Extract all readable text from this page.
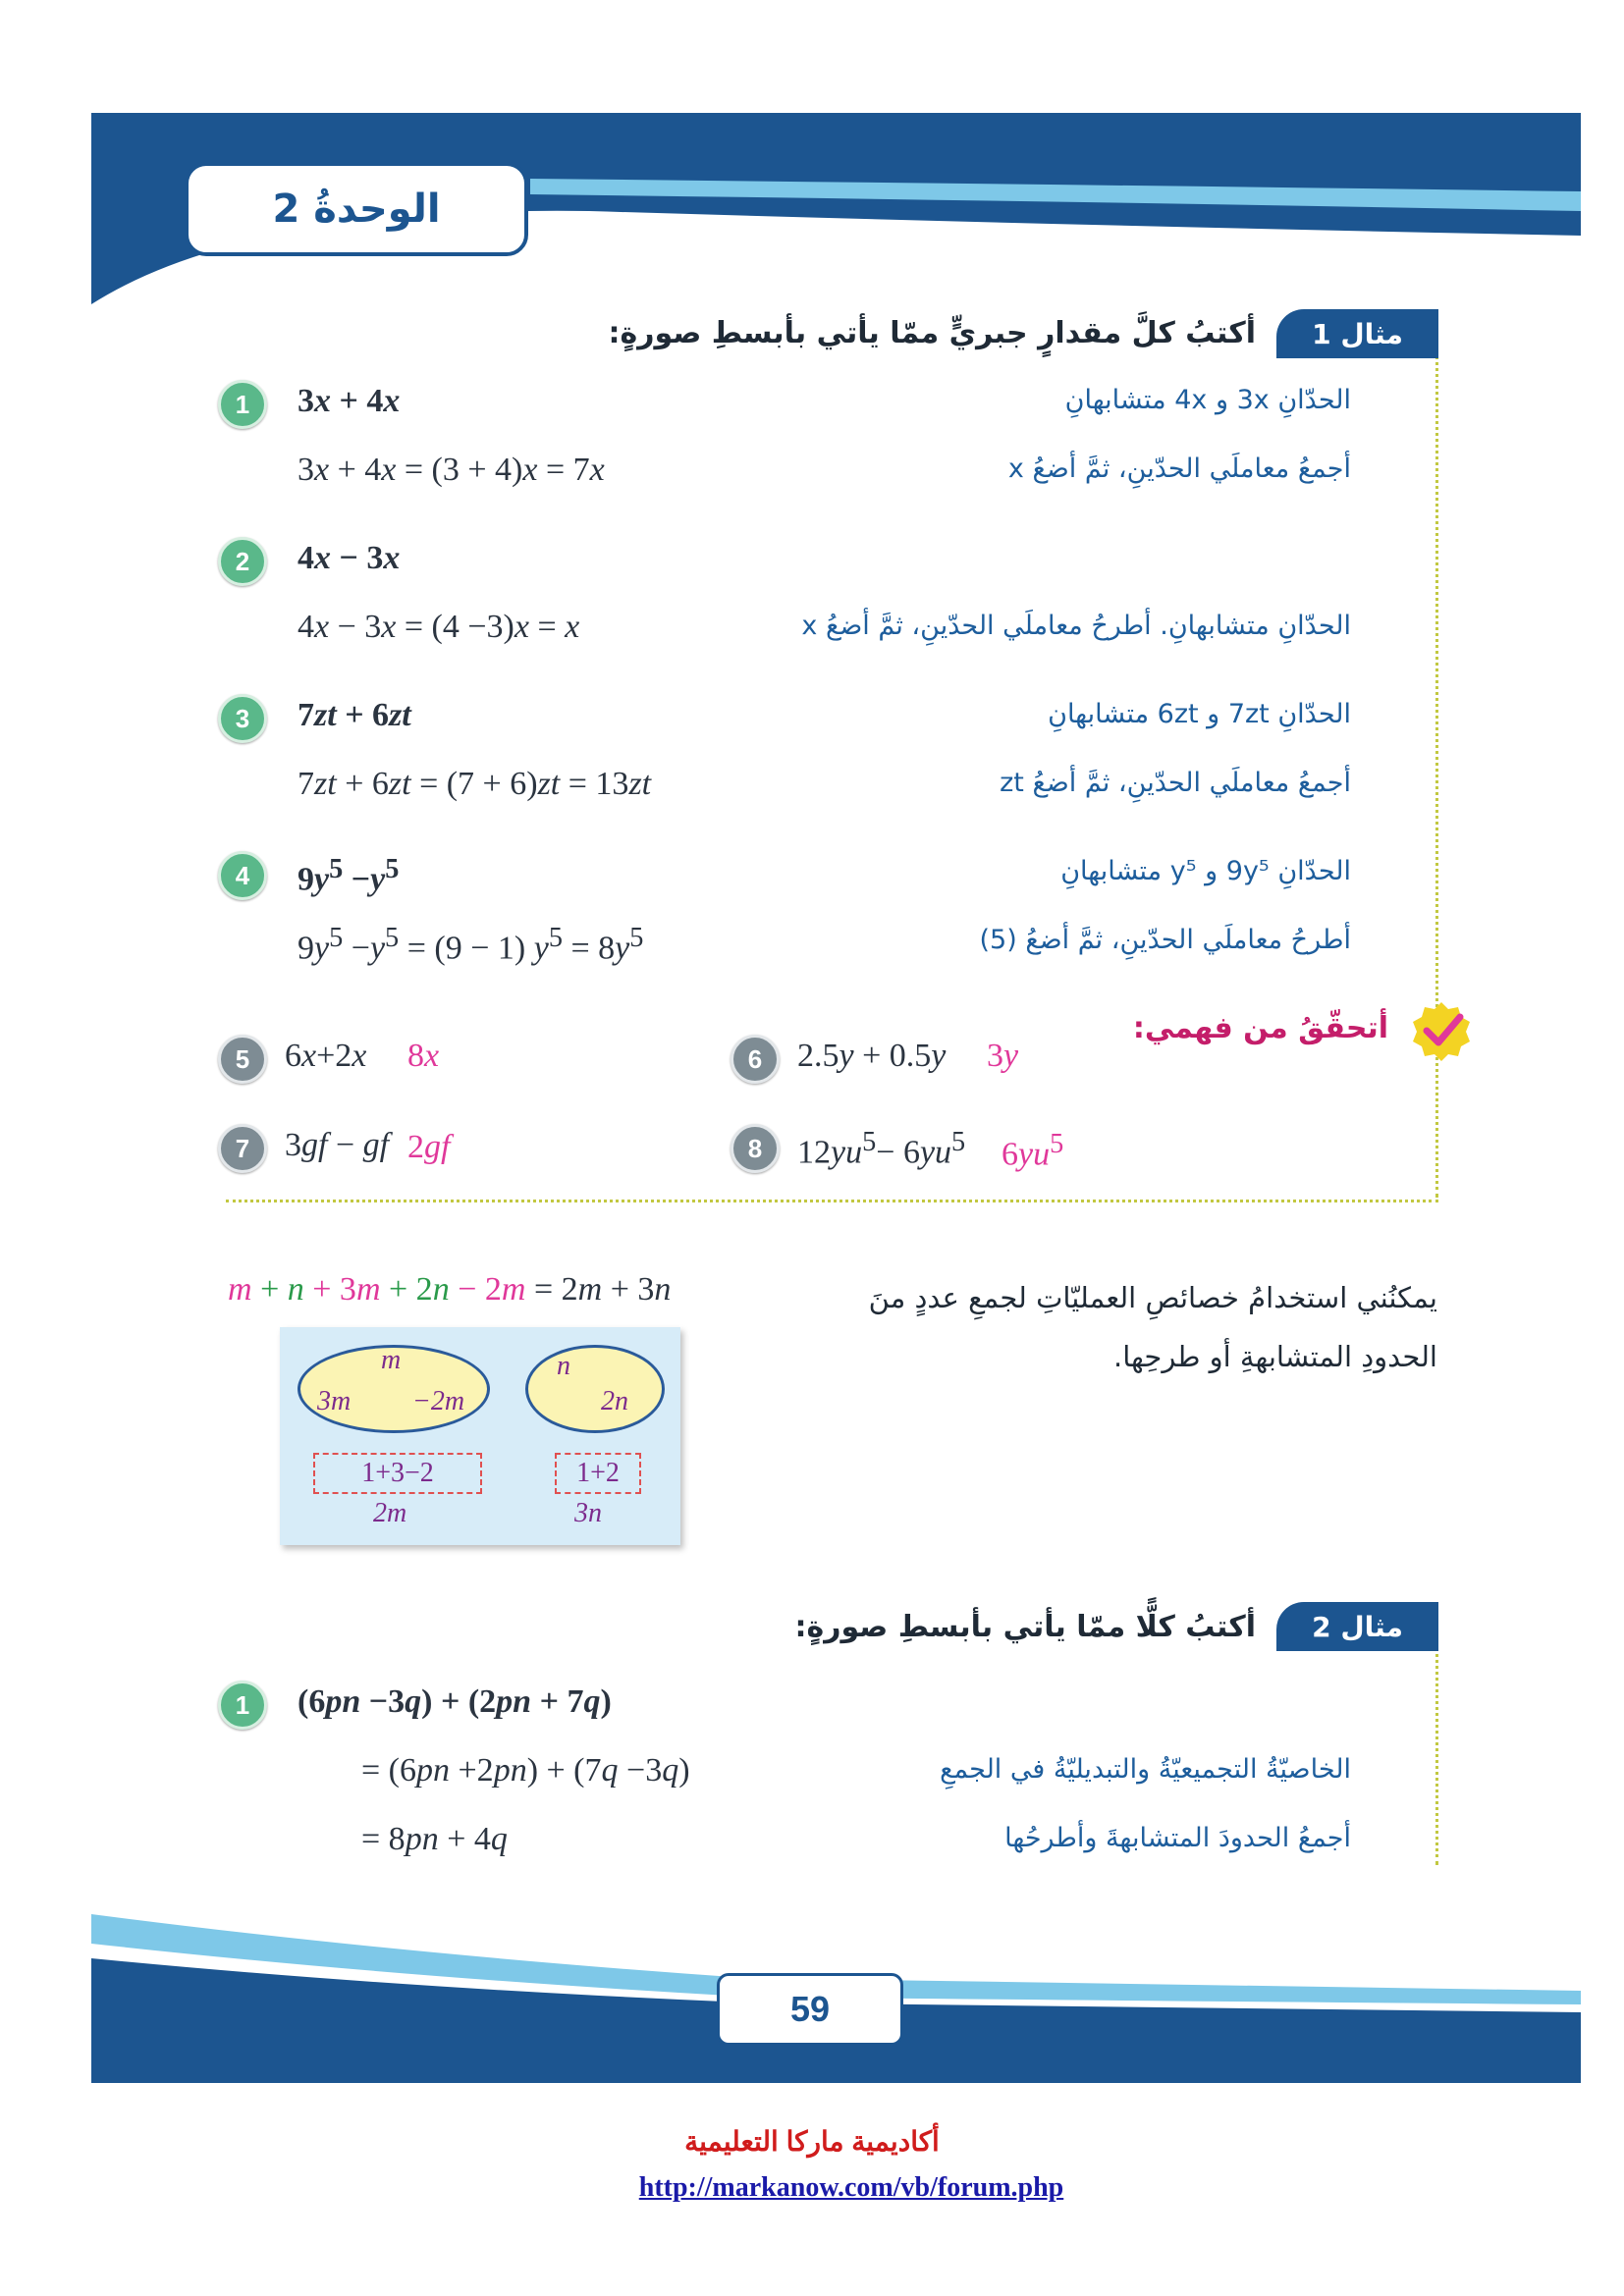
الوحدةُ 2
مثال 1
أكتبُ كلَّ مقدارٍ جبريٍّ ممّا يأتي بأبسطِ صورةٍ:
1 3x + 4x
3x + 4x = (3 + 4)x = 7x
الحدّانِ 3x و 4x متشابهانِ
أجمعُ معاملَي الحدّينِ، ثمَّ أضعُ x
2 4x − 3x
4x − 3x = (4 −3)x = x	الحدّانِ متشابهانِ. أطرحُ معاملَي الحدّينِ، ثمَّ أضعُ x
3 7zt + 6zt
7zt + 6zt = (7 + 6)zt = 13zt
الحدّانِ 7zt و 6zt متشابهانِ
أجمعُ معاملَي الحدّينِ، ثمَّ أضعُ zt
4 $9y^5 -y^5$
$9y^5 -y^5 = (9 - 1) y^5 = 8y^5$
الحدّانِ 9y⁵ و y⁵ متشابهانِ
أطرحُ معاملَي الحدّينِ، ثمَّ أضعُ (5)
أتحقّقُ من فهمي:
5 6x+2x 8x	6 2.5y + 0.5y 3y
7 3gf − gf 2gf	8 $12yu^5- 6yu^5$ $6yu^5$
يمكنُني استخدامُ خصائصِ العمليّاتِ لجمعِ عددٍ منَ
الحدودِ المتشابهةِ أو طرحِها.
m + n + 3m + 2n − 2m = 2m + 3n
m
3m −2m
n
2n
1+3−2	1+2
2m	3n
مثال 2
أكتبُ كلًّا ممّا يأتي بأبسطِ صورةٍ:
1 (6pn −3q) + (2pn + 7q)
= (6pn +2pn) + (7q −3q)
= 8pn + 4q
الخاصيّةُ التجميعيّةُ والتبديليّةُ في الجمعِ
أجمعُ الحدودَ المتشابهةَ وأطرحُها
59
أكاديمية ماركا التعليمية
http://markanow.com/vb/forum.php
